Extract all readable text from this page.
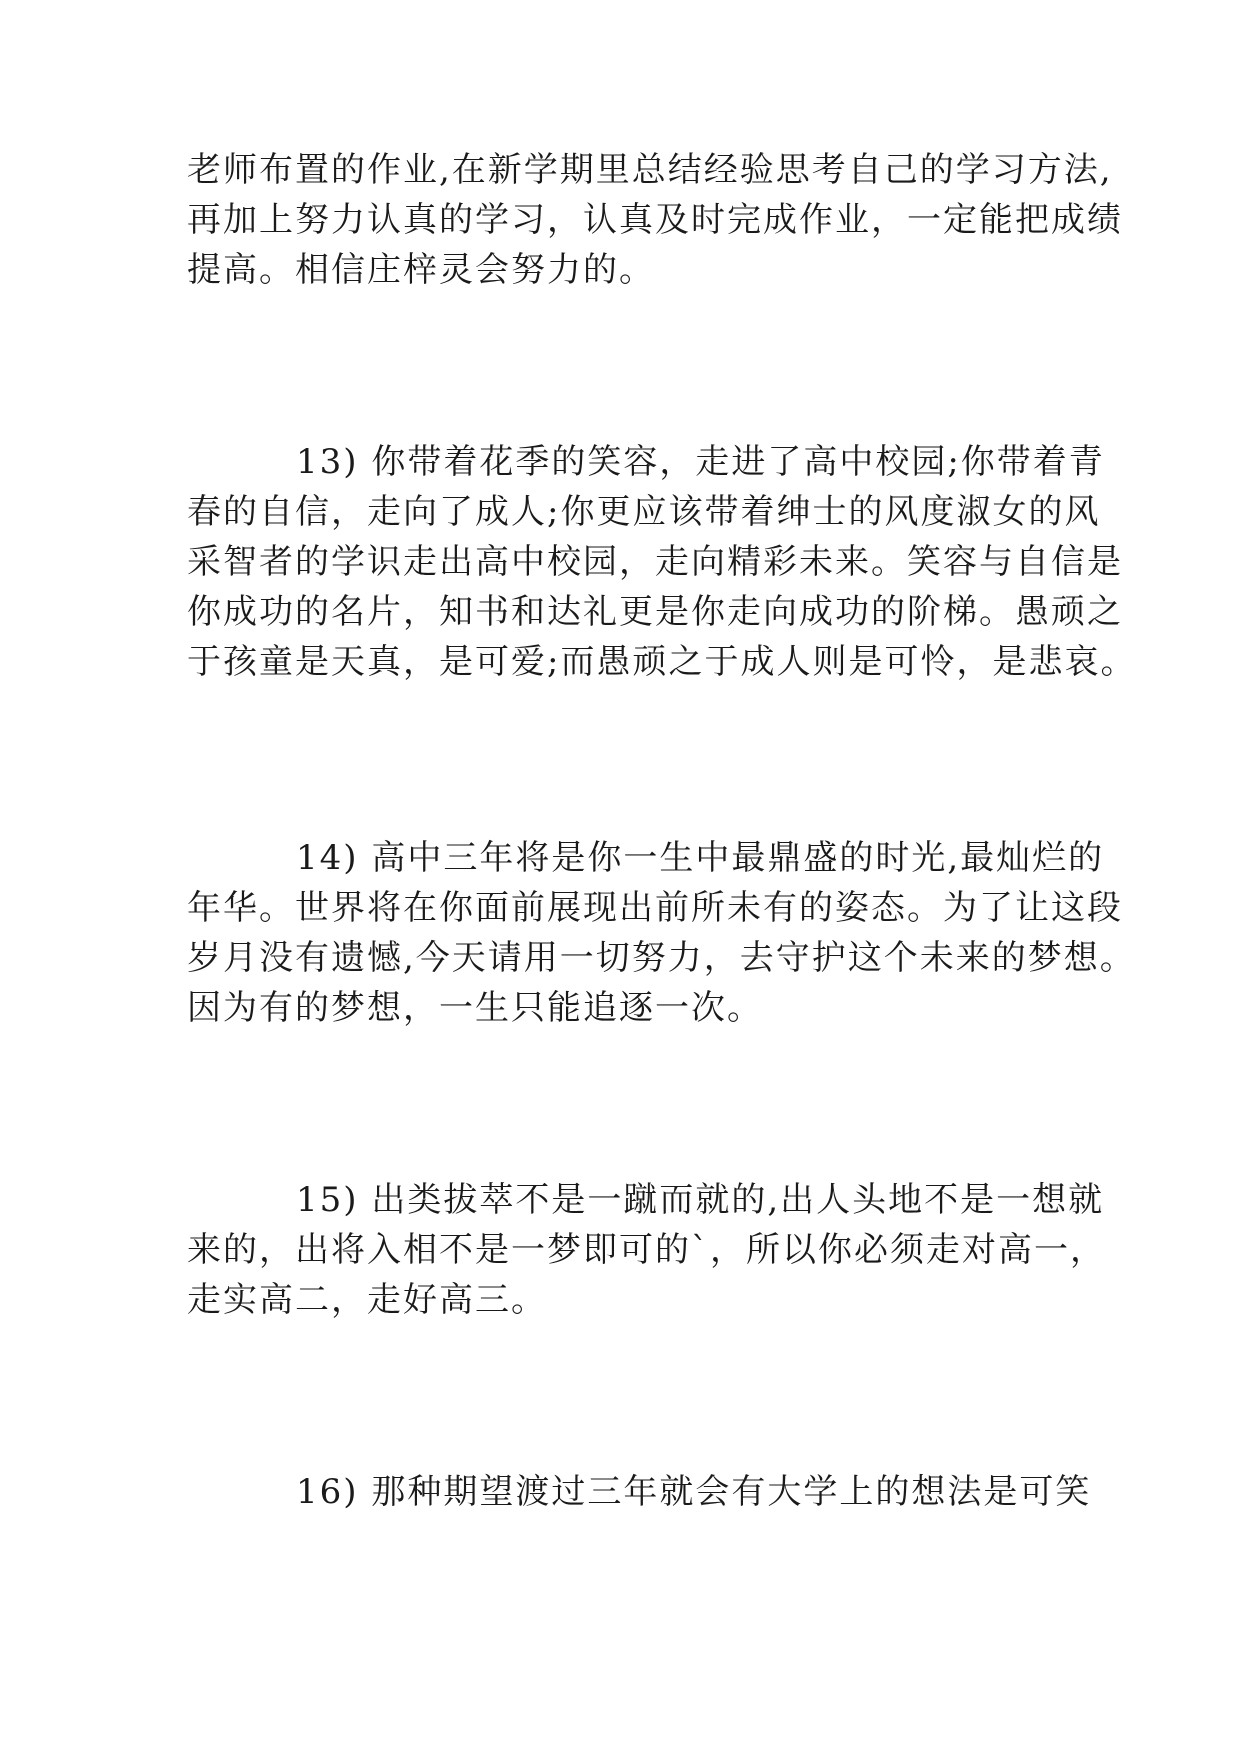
老师布置的作业,在新学期里总结经验思考自己的学习方法,
再加上努力认真的学习，认真及时完成作业，一定能把成绩
提高。相信庄梓灵会努力的。
13) 你带着花季的笑容，走进了高中校园;你带着青
春的自信，走向了成人;你更应该带着绅士的风度淑女的风
采智者的学识走出高中校园，走向精彩未来。笑容与自信是
你成功的名片，知书和达礼更是你走向成功的阶梯。愚顽之
于孩童是天真，是可爱;而愚顽之于成人则是可怜，是悲哀。
14) 高中三年将是你一生中最鼎盛的时光,最灿烂的
年华。世界将在你面前展现出前所未有的姿态。为了让这段
岁月没有遗憾,今天请用一切努力，去守护这个未来的梦想。
因为有的梦想，一生只能追逐一次。
15) 出类拔萃不是一蹴而就的,出人头地不是一想就
来的，出将入相不是一梦即可的`，所以你必须走对高一，
走实高二，走好高三。
16) 那种期望渡过三年就会有大学上的想法是可笑
